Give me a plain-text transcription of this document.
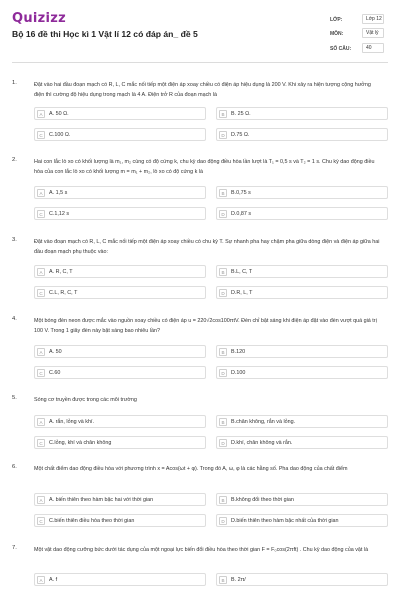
Quizizz
Bộ 16 đề thi Học kì 1 Vật lí 12 có đáp án_ đề 5
LỚP:	Lớp 12
MÔN:	Vật lý
SỐ CÂU:	40
1.	Đặt vào hai đầu đoạn mạch có R, L, C mắc nối tiếp một điện áp xoay chiều có điện áp hiệu dụng là 200 V. Khi xảy ra hiện tượng cộng hưởng điện thì cường độ hiệu dụng trong mạch là 4 A. Điện trở R của đoạn mạch là
A	A. 50 Ω.	B	B. 25 Ω.
C	C.100 Ω.	D	D.75 Ω.
2.	Hai con lắc lò xo có khối lượng là m₁, m₂ cùng có độ cứng k, chu kỳ dao động điều hòa lần lượt là T₁ = 0,5 s và T₂ = 1 s. Chu kỳ dao động điều hòa của con lắc lò xo có khối lượng m = m₁ + m₂, lò xo có độ cứng k là
A	A. 1,5 s	B	B.0,75 s
C	C.1,12 s	D	D.0,87 s
3.	Đặt vào đoạn mạch có R, L, C mắc nối tiếp một điện áp xoay chiều có chu kỳ T. Sự nhanh pha hay chậm pha giữa dòng điện và điện áp giữa hai đầu đoạn mạch phụ thuộc vào:
A	A. R, C, T	B	B.L, C, T
C	C.L, R, C, T	D	D.R, L, T
4.	Một bóng đèn neon được mắc vào nguồn xoay chiều có điện áp u = 220√2cos100πtV. Đèn chỉ bật sáng khi điện áp đặt vào đèn vượt quá giá trị 100 V. Trong 1 giây đèn này bật sáng bao nhiêu lần?
A	A. 50	B	B.120
C	C.60	D	D.100
5.	Sóng cơ truyền được trong các môi trường
A	A. rắn, lỏng và khí.	B	B.chân không, rắn và lỏng.
C	C.lỏng, khí và chân không	D	D.khí, chân không và rắn.
6.	Một chất điểm dao động điều hòa với phương trình x = Acos(ωt + φ). Trong đó A, ω, φ là các hằng số. Pha dao động của chất điểm
A	A. biến thiên theo hàm bậc hai với thời gian	B	B.không đổi theo thời gian
C	C.biến thiên điều hòa theo thời gian	D	D.biến thiên theo hàm bậc nhất của thời gian
7.	Một vật dao động cưỡng bức dưới tác dụng của một ngoại lực biến đổi điều hòa theo thời gian F = F₀cos(2πft) . Chu kỳ dao động của vật là
A	A. f	B	B. 2π/
